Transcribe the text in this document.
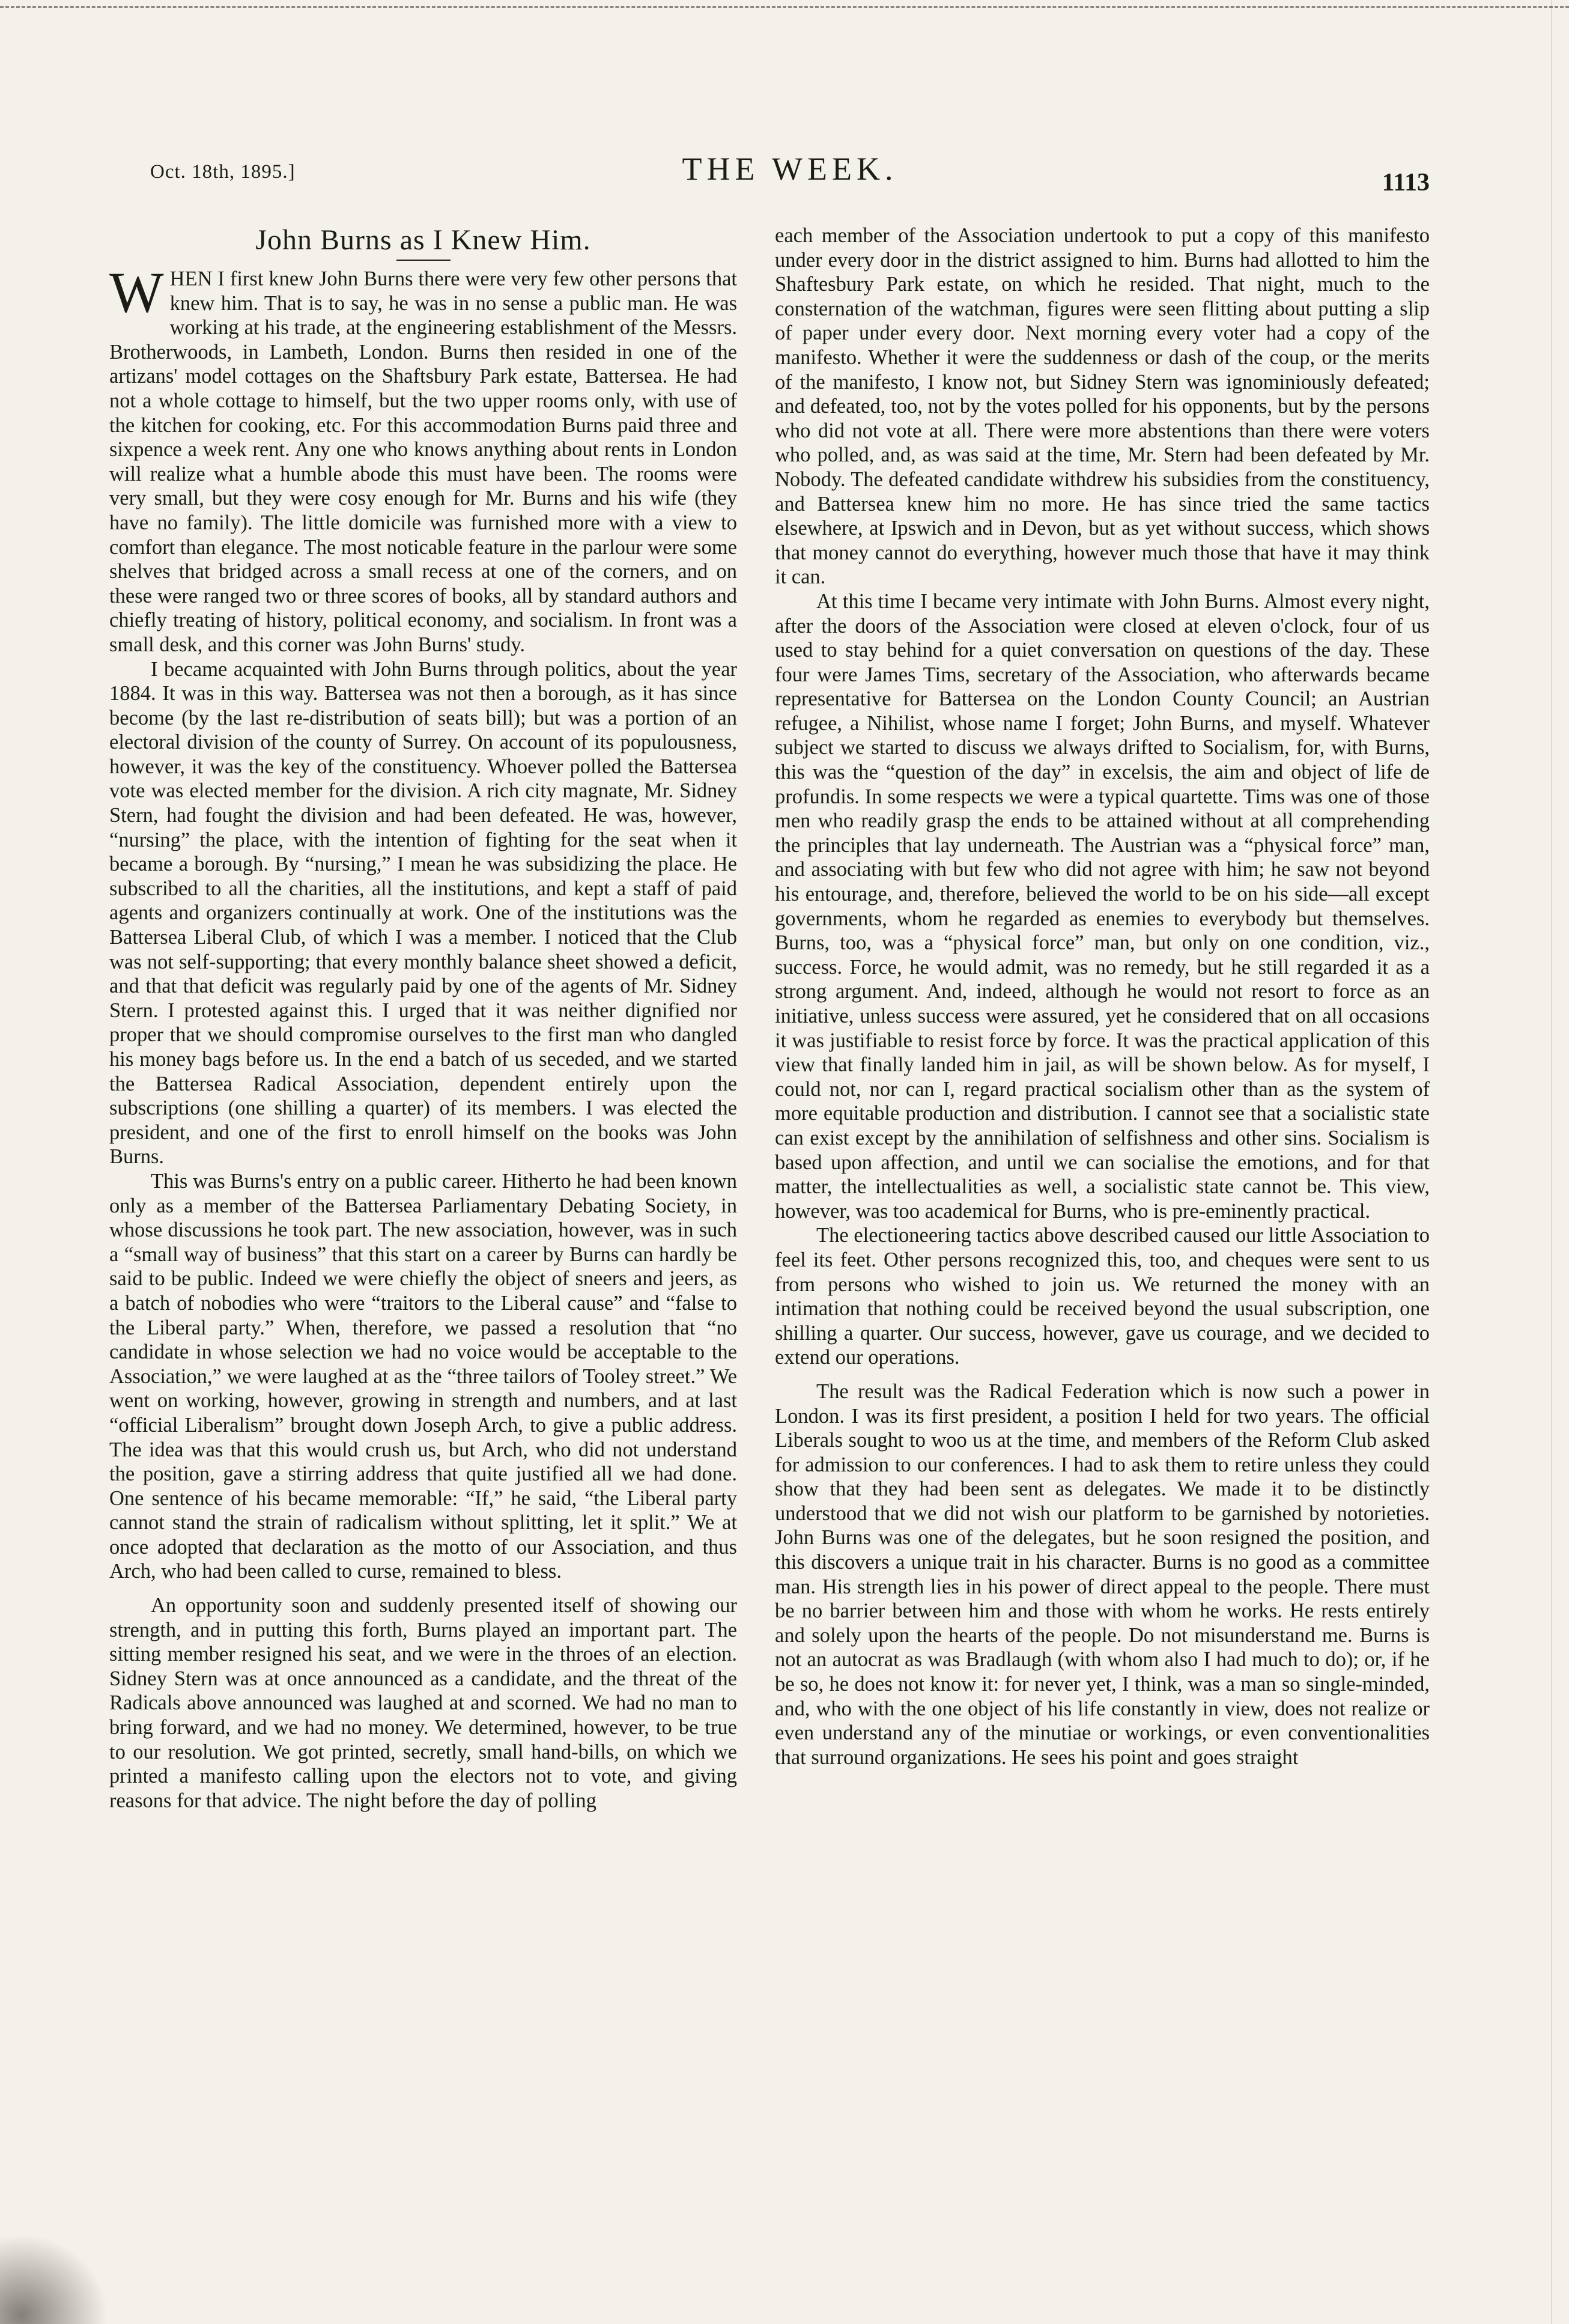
Oct. 18th, 1895.]	THE WEEK.	1113
John Burns as I Knew Him.

WHEN I first knew John Burns there were very few other persons that knew him. That is to say, he was in no sense a public man. He was working at his trade, at the engineering establishment of the Messrs. Brotherwoods, in Lambeth, London. Burns then resided in one of the artizans' model cottages on the Shaftsbury Park estate, Battersea. He had not a whole cottage to himself, but the two upper rooms only, with use of the kitchen for cooking, etc. For this accommodation Burns paid three and sixpence a week rent. Any one who knows anything about rents in London will realize what a humble abode this must have been. The rooms were very small, but they were cosy enough for Mr. Burns and his wife (they have no family). The little domicile was furnished more with a view to comfort than elegance. The most noticable feature in the parlour were some shelves that bridged across a small recess at one of the corners, and on these were ranged two or three scores of books, all by standard authors and chiefly treating of history, political economy, and socialism. In front was a small desk, and this corner was John Burns' study.

I became acquainted with John Burns through politics, about the year 1884. It was in this way. Battersea was not then a borough, as it has since become (by the last re-distribution of seats bill); but was a portion of an electoral division of the county of Surrey. On account of its populousness, however, it was the key of the constituency. Whoever polled the Battersea vote was elected member for the division. A rich city magnate, Mr. Sidney Stern, had fought the division and had been defeated. He was, however, “nursing” the place, with the intention of fighting for the seat when it became a borough. By “nursing,” I mean he was subsidizing the place. He subscribed to all the charities, all the institutions, and kept a staff of paid agents and organizers continually at work. One of the institutions was the Battersea Liberal Club, of which I was a member. I noticed that the Club was not self-supporting; that every monthly balance sheet showed a deficit, and that that deficit was regularly paid by one of the agents of Mr. Sidney Stern. I protested against this. I urged that it was neither dignified nor proper that we should compromise ourselves to the first man who dangled his money bags before us. In the end a batch of us seceded, and we started the Battersea Radical Association, dependent entirely upon the subscriptions (one shilling a quarter) of its members. I was elected the president, and one of the first to enroll himself on the books was John Burns.

This was Burns's entry on a public career. Hitherto he had been known only as a member of the Battersea Parliamentary Debating Society, in whose discussions he took part. The new association, however, was in such a “small way of business” that this start on a career by Burns can hardly be said to be public. Indeed we were chiefly the object of sneers and jeers, as a batch of nobodies who were “traitors to the Liberal cause” and “false to the Liberal party.” When, therefore, we passed a resolution that “no candidate in whose selection we had no voice would be acceptable to the Association,” we were laughed at as the “three tailors of Tooley street.” We went on working, however, growing in strength and numbers, and at last “official Liberalism” brought down Joseph Arch, to give a public address. The idea was that this would crush us, but Arch, who did not understand the position, gave a stirring address that quite justified all we had done. One sentence of his became memorable: “If,” he said, “the Liberal party cannot stand the strain of radicalism without splitting, let it split.” We at once adopted that declaration as the motto of our Association, and thus Arch, who had been called to curse, remained to bless.

An opportunity soon and suddenly presented itself of showing our strength, and in putting this forth, Burns played an important part. The sitting member resigned his seat, and we were in the throes of an election. Sidney Stern was at once announced as a candidate, and the threat of the Radicals above announced was laughed at and scorned. We had no man to bring forward, and we had no money. We determined, however, to be true to our resolution. We got printed, secretly, small hand-bills, on which we printed a manifesto calling upon the electors not to vote, and giving reasons for that advice. The night before the day of polling

each member of the Association undertook to put a copy of this manifesto under every door in the district assigned to him. Burns had allotted to him the Shaftesbury Park estate, on which he resided. That night, much to the consternation of the watchman, figures were seen flitting about putting a slip of paper under every door. Next morning every voter had a copy of the manifesto. Whether it were the suddenness or dash of the coup, or the merits of the manifesto, I know not, but Sidney Stern was ignominiously defeated; and defeated, too, not by the votes polled for his opponents, but by the persons who did not vote at all. There were more abstentions than there were voters who polled, and, as was said at the time, Mr. Stern had been defeated by Mr. Nobody. The defeated candidate withdrew his subsidies from the constituency, and Battersea knew him no more. He has since tried the same tactics elsewhere, at Ipswich and in Devon, but as yet without success, which shows that money cannot do everything, however much those that have it may think it can.

At this time I became very intimate with John Burns. Almost every night, after the doors of the Association were closed at eleven o'clock, four of us used to stay behind for a quiet conversation on questions of the day. These four were James Tims, secretary of the Association, who afterwards became representative for Battersea on the London County Council; an Austrian refugee, a Nihilist, whose name I forget; John Burns, and myself. Whatever subject we started to discuss we always drifted to Socialism, for, with Burns, this was the “question of the day” in excelsis, the aim and object of life de profundis. In some respects we were a typical quartette. Tims was one of those men who readily grasp the ends to be attained without at all comprehending the principles that lay underneath. The Austrian was a “physical force” man, and associating with but few who did not agree with him; he saw not beyond his entourage, and, therefore, believed the world to be on his side—all except governments, whom he regarded as enemies to everybody but themselves. Burns, too, was a “physical force” man, but only on one condition, viz., success. Force, he would admit, was no remedy, but he still regarded it as a strong argument. And, indeed, although he would not resort to force as an initiative, unless success were assured, yet he considered that on all occasions it was justifiable to resist force by force. It was the practical application of this view that finally landed him in jail, as will be shown below. As for myself, I could not, nor can I, regard practical socialism other than as the system of more equitable production and distribution. I cannot see that a socialistic state can exist except by the annihilation of selfishness and other sins. Socialism is based upon affection, and until we can socialise the emotions, and for that matter, the intellectualities as well, a socialistic state cannot be. This view, however, was too academical for Burns, who is pre-eminently practical.

The electioneering tactics above described caused our little Association to feel its feet. Other persons recognized this, too, and cheques were sent to us from persons who wished to join us. We returned the money with an intimation that nothing could be received beyond the usual subscription, one shilling a quarter. Our success, however, gave us courage, and we decided to extend our operations.

The result was the Radical Federation which is now such a power in London. I was its first president, a position I held for two years. The official Liberals sought to woo us at the time, and members of the Reform Club asked for admission to our conferences. I had to ask them to retire unless they could show that they had been sent as delegates. We made it to be distinctly understood that we did not wish our platform to be garnished by notorieties. John Burns was one of the delegates, but he soon resigned the position, and this discovers a unique trait in his character. Burns is no good as a committee man. His strength lies in his power of direct appeal to the people. There must be no barrier between him and those with whom he works. He rests entirely and solely upon the hearts of the people. Do not misunderstand me. Burns is not an autocrat as was Bradlaugh (with whom also I had much to do); or, if he be so, he does not know it: for never yet, I think, was a man so single-minded, and, who with the one object of his life constantly in view, does not realize or even understand any of the minutiae or workings, or even conventionalities that surround organizations. He sees his point and goes straight
